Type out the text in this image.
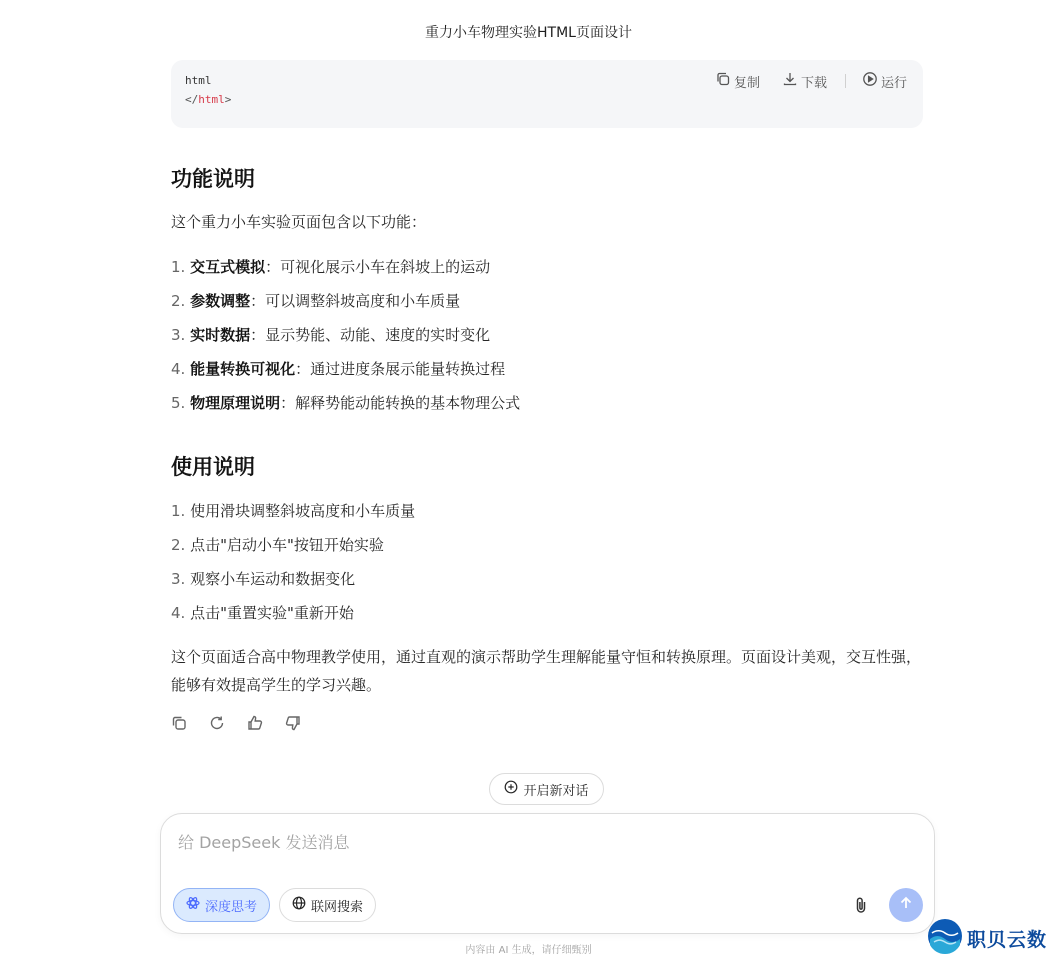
重力小车物理实验HTML页面设计
html
</html>
复制	下载	运行
功能说明
这个重力小车实验页面包含以下功能：
1. 交互式模拟：可视化展示小车在斜坡上的运动
2. 参数调整：可以调整斜坡高度和小车质量
3. 实时数据：显示势能、动能、速度的实时变化
4. 能量转换可视化：通过进度条展示能量转换过程
5. 物理原理说明：解释势能动能转换的基本物理公式
使用说明
1. 使用滑块调整斜坡高度和小车质量
2. 点击"启动小车"按钮开始实验
3. 观察小车运动和数据变化
4. 点击"重置实验"重新开始
这个页面适合高中物理教学使用，通过直观的演示帮助学生理解能量守恒和转换原理。页面设计美观，交互性强，能够有效提高学生的学习兴趣。
开启新对话
给 DeepSeek 发送消息
深度思考	联网搜索
内容由 AI 生成，请仔细甄别	职贝云数
